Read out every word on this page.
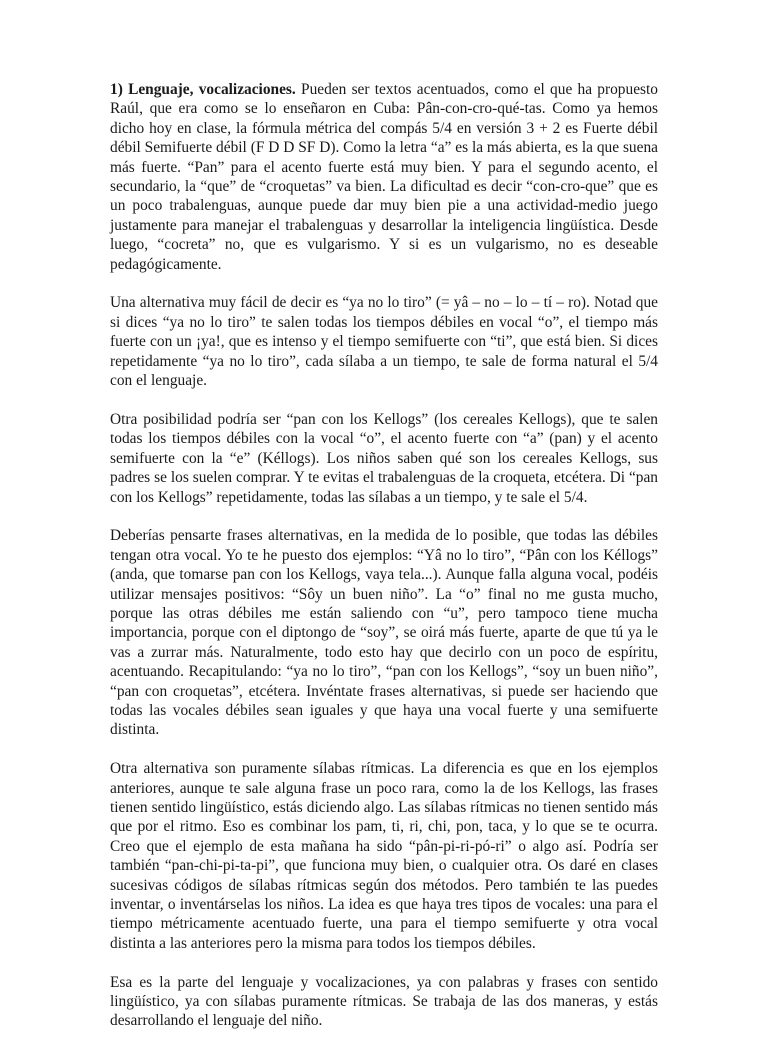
1) Lenguaje, vocalizaciones. Pueden ser textos acentuados, como el que ha propuesto Raúl, que era como se lo enseñaron en Cuba: Pân-con-cro-qué-tas. Como ya hemos dicho hoy en clase, la fórmula métrica del compás 5/4 en versión 3 + 2 es Fuerte débil débil Semifuerte débil (F D D SF D). Como la letra “a” es la más abierta, es la que suena más fuerte. “Pan” para el acento fuerte está muy bien. Y para el segundo acento, el secundario, la “que” de “croquetas” va bien. La dificultad es decir “con-cro-que” que es un poco trabalenguas, aunque puede dar muy bien pie a una actividad-medio juego justamente para manejar el trabalenguas y desarrollar la inteligencia lingüística. Desde luego, “cocreta” no, que es vulgarismo. Y si es un vulgarismo, no es deseable pedagógicamente.

Una alternativa muy fácil de decir es “ya no lo tiro” (= yâ – no – lo – tí – ro). Notad que si dices “ya no lo tiro” te salen todas los tiempos débiles en vocal “o”, el tiempo más fuerte con un ¡ya!, que es intenso y el tiempo semifuerte con “ti”, que está bien. Si dices repetidamente “ya no lo tiro”, cada sílaba a un tiempo, te sale de forma natural el 5/4 con el lenguaje.

Otra posibilidad podría ser “pan con los Kellogs” (los cereales Kellogs), que te salen todas los tiempos débiles con la vocal “o”, el acento fuerte con “a” (pan) y el acento semifuerte con la “e” (Kéllogs). Los niños saben qué son los cereales Kellogs, sus padres se los suelen comprar. Y te evitas el trabalenguas de la croqueta, etcétera. Di “pan con los Kellogs” repetidamente, todas las sílabas a un tiempo, y te sale el 5/4.

Deberías pensarte frases alternativas, en la medida de lo posible, que todas las débiles tengan otra vocal. Yo te he puesto dos ejemplos: “Yâ no lo tiro”, “Pân con los Kéllogs” (anda, que tomarse pan con los Kellogs, vaya tela...). Aunque falla alguna vocal, podéis utilizar mensajes positivos: “Sôy un buen niño”. La “o” final no me gusta mucho, porque las otras débiles me están saliendo con “u”, pero tampoco tiene mucha importancia, porque con el diptongo de “soy”, se oirá más fuerte, aparte de que tú ya le vas a zurrar más. Naturalmente, todo esto hay que decirlo con un poco de espíritu, acentuando. Recapitulando: “ya no lo tiro”, “pan con los Kellogs”, “soy un buen niño”, “pan con croquetas”, etcétera. Invéntate frases alternativas, si puede ser haciendo que todas las vocales débiles sean iguales y que haya una vocal fuerte y una semifuerte distinta.

Otra alternativa son puramente sílabas rítmicas. La diferencia es que en los ejemplos anteriores, aunque te sale alguna frase un poco rara, como la de los Kellogs, las frases tienen sentido lingüístico, estás diciendo algo. Las sílabas rítmicas no tienen sentido más que por el ritmo. Eso es combinar los pam, ti, ri, chi, pon, taca, y lo que se te ocurra. Creo que el ejemplo de esta mañana ha sido “pân-pi-ri-pó-ri” o algo así. Podría ser también “pan-chi-pi-ta-pi”, que funciona muy bien, o cualquier otra. Os daré en clases sucesivas códigos de sílabas rítmicas según dos métodos. Pero también te las puedes inventar, o inventárselas los niños. La idea es que haya tres tipos de vocales: una para el tiempo métricamente acentuado fuerte, una para el tiempo semifuerte y otra vocal distinta a las anteriores pero la misma para todos los tiempos débiles.

Esa es la parte del lenguaje y vocalizaciones, ya con palabras y frases con sentido lingüístico, ya con sílabas puramente rítmicas. Se trabaja de las dos maneras, y estás desarrollando el lenguaje del niño.
